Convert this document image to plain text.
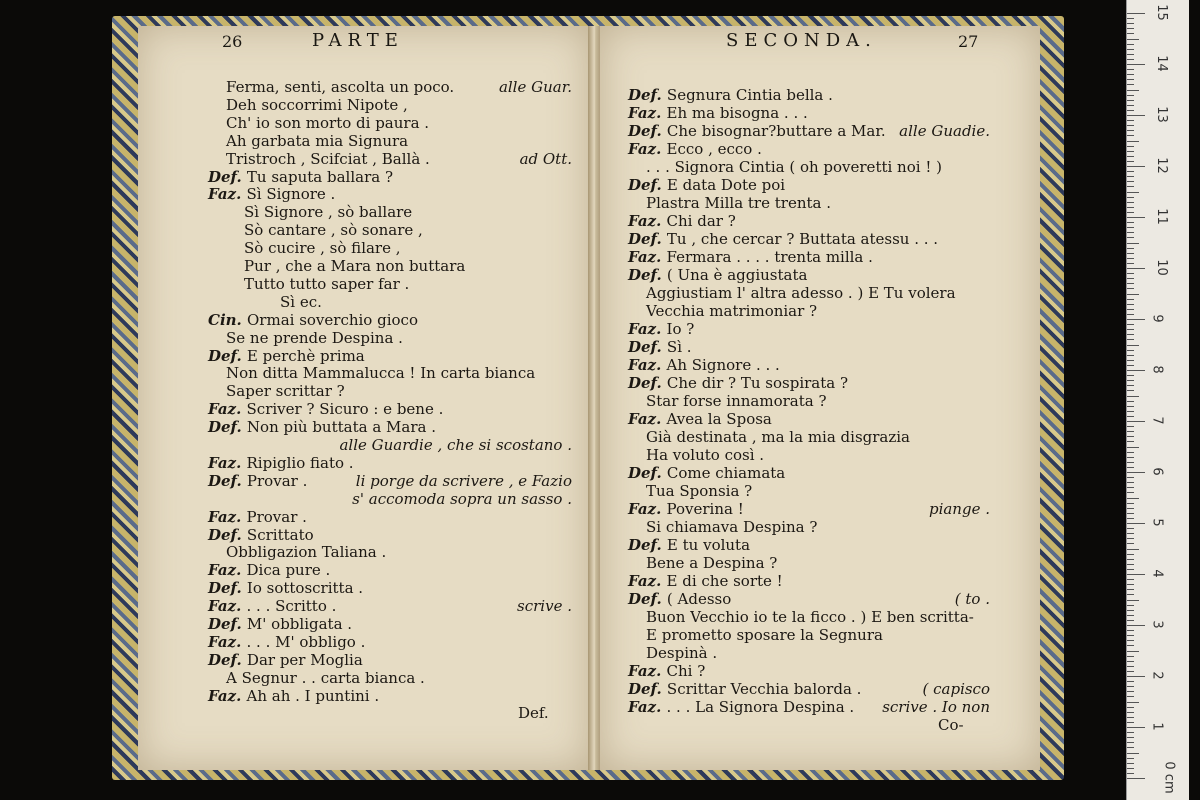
26	PARTE	SECONDA.	27
Def.
Co-
Ferma, senti, ascolta un poco.	alle Guar.
Deh soccorrimi Nipote ,
Ch' io son morto di paura .
Ah garbata mia Signura
Tristroch , Scifciat , Ballà .	ad Ott.
Def. Tu saputa ballara ?
Faz. Sì Signore .
Sì Signore , sò ballare
Sò cantare , sò sonare ,
Sò cucire , sò filare ,
Pur , che a Mara non buttara
Tutto tutto saper far .
Sì ec.
Cin. Ormai soverchio gioco
Se ne prende Despina .
Def. E perchè prima
Non ditta Mammalucca ! In carta bianca
Saper scrittar ?
Faz. Scriver ? Sicuro : e bene .
Def. Non più buttata a Mara .
alle Guardie , che si scostano .
Faz. Ripiglio fiato .
Def. Provar .	li porge da scrivere , e Fazio
s' accomoda sopra un sasso .
Faz. Provar .
Def. Scrittato
Obbligazion Taliana .
Faz. Dica pure .
Def. Io sottoscritta .
Faz. . . . Scritto .	scrive .
Def. M' obbligata .
Faz. . . . M' obbligo .
Def. Dar per Moglia
A Segnur . . carta bianca .
Faz. Ah ah . I puntini .
Def. Segnura Cintia bella .
Faz. Eh ma bisogna . . .
Def. Che bisognar?buttare a Mar. alle Guadie.
Faz. Ecco , ecco .
. . . Signora Cintia ( oh poveretti noi ! )
Def. E data Dote poi
Plastra Milla tre trenta .
Faz. Chi dar ?
Def. Tu , che cercar ? Buttata atessu . . .
Faz. Fermara . . . . trenta milla .
Def. ( Una è aggiustata
Aggiustiam l' altra adesso . ) E Tu volera
Vecchia matrimoniar ?
Faz. Io ?
Def. Sì .
Faz. Ah Signore . . .
Def. Che dir ? Tu sospirata ?
Star forse innamorata ?
Faz. Avea la Sposa
Già destinata , ma la mia disgrazia
Ha voluto così .
Def. Come chiamata
Tua Sponsia ?
Faz. Poverina !	piange .
Si chiamava Despina ?
Def. E tu voluta
Bene a Despina ?
Faz. E di che sorte !
Def. ( Adesso	( to .
Buon Vecchio io te la ficco . ) E ben scritta-
E prometto sposare la Segnura
Despinà .
Faz. Chi ?
Def. Scrittar Vecchia balorda .	( capisco
Faz. . . . La Signora Despina . scrive . Io non
0 cm
1
2
3
4
5
6
7
8
9
10
11
12
13
14
15
